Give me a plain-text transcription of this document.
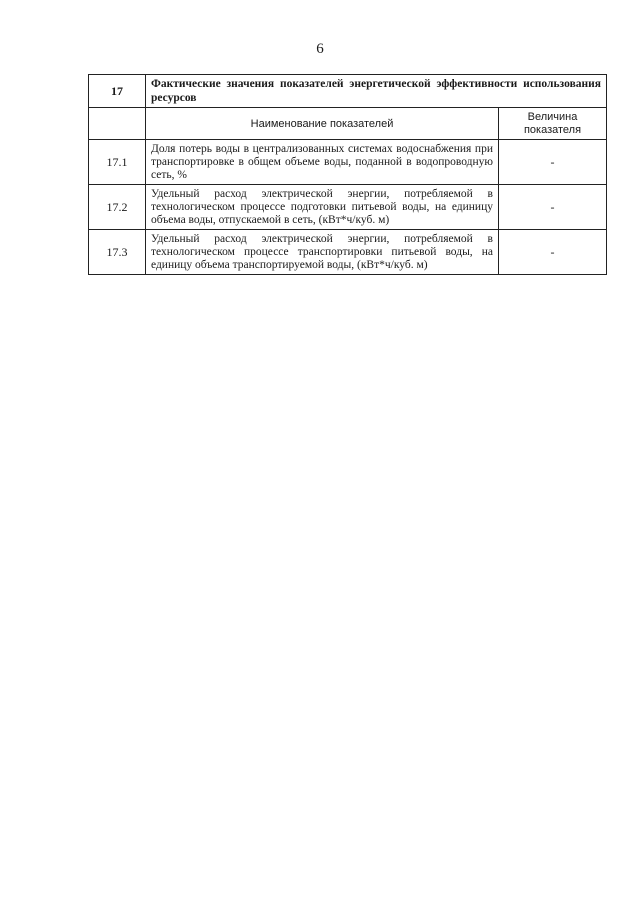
6
17	Фактические значения показателей энергетической эффективности использования ресурсов	
	Наименование показателей	Величина показателя
17.1	Доля потерь воды в централизованных системах водоснабжения при транспортировке в общем объеме воды, поданной в водопроводную сеть, %	-
17.2	Удельный расход электрической энергии, потребляемой в технологическом процессе подготовки питьевой воды, на единицу объема воды, отпускаемой в сеть, (кВт*ч/куб. м)	-
17.3	Удельный расход электрической энергии, потребляемой в технологическом процессе транспортировки питьевой воды, на единицу объема транспортируемой воды, (кВт*ч/куб. м)	-
